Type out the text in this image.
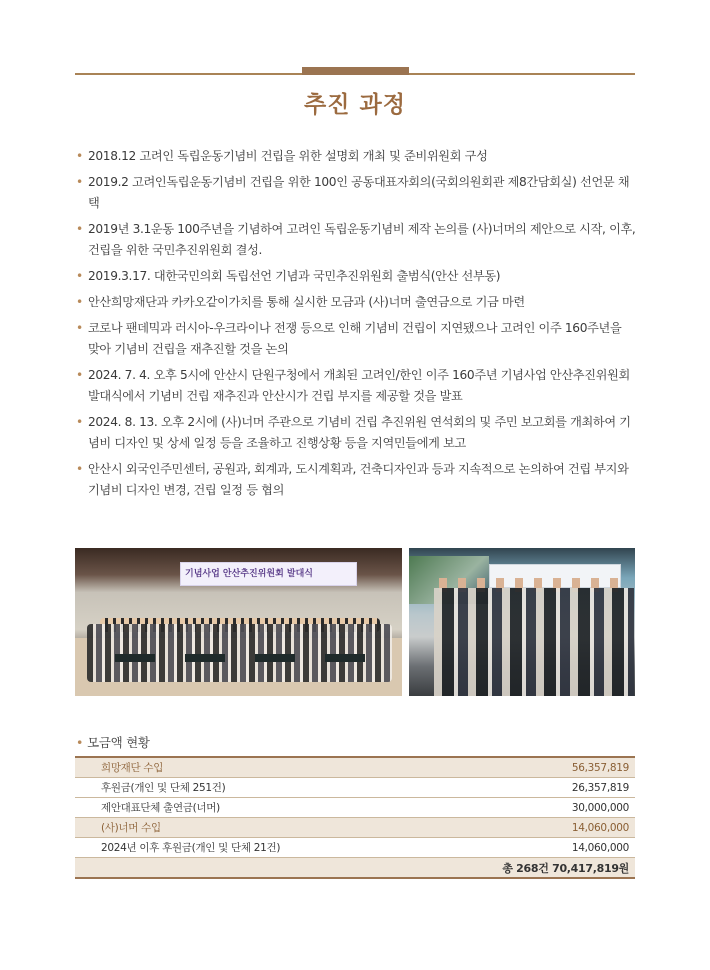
추진 과정
• 2018.12 고려인 독립운동기념비 건립을 위한 설명회 개최 및 준비위원회 구성
• 2019.2 고려인독립운동기념비 건립을 위한 100인 공동대표자회의(국회의원회관 제8간담회실) 선언문 채택
• 2019년 3.1운동 100주년을 기념하여 고려인 독립운동기념비 제작 논의를 (사)너머의 제안으로 시작, 이후, 건립을 위한 국민추진위원회 결성.
• 2019.3.17. 대한국민의회 독립선언 기념과 국민추진위원회 출범식(안산 선부동)
• 안산희망재단과 카카오같이가치를 통해 실시한 모금과 (사)너머 출연금으로 기금 마련
• 코로나 팬데믹과 러시아-우크라이나 전쟁 등으로 인해 기념비 건립이 지연됐으나 고려인 이주 160주년을 맞아 기념비 건립을 재추진할 것을 논의
• 2024. 7. 4. 오후 5시에 안산시 단원구청에서 개최된 고려인/한인 이주 160주년 기념사업 안산추진위원회 발대식에서 기념비 건립 재추진과 안산시가 건립 부지를 제공할 것을 발표
• 2024. 8. 13. 오후 2시에 (사)너머 주관으로 기념비 건립 추진위원 연석회의 및 주민 보고회를 개최하여 기념비 디자인 및 상세 일정 등을 조율하고 진행상황 등을 지역민들에게 보고
• 안산시 외국인주민센터, 공원과, 회계과, 도시계획과, 건축디자인과 등과 지속적으로 논의하여 건립 부지와 기념비 디자인 변경, 건립 일정 등 협의
기념사업 안산추진위원회 발대식
• 모금액 현황
희망재단 수입	56,357,819
후원금(개인 및 단체 251건)	26,357,819
제안대표단체 출연금(너머)	30,000,000
(사)너머 수입	14,060,000
2024년 이후 후원금(개인 및 단체 21건)	14,060,000
	총 268건 70,417,819원
